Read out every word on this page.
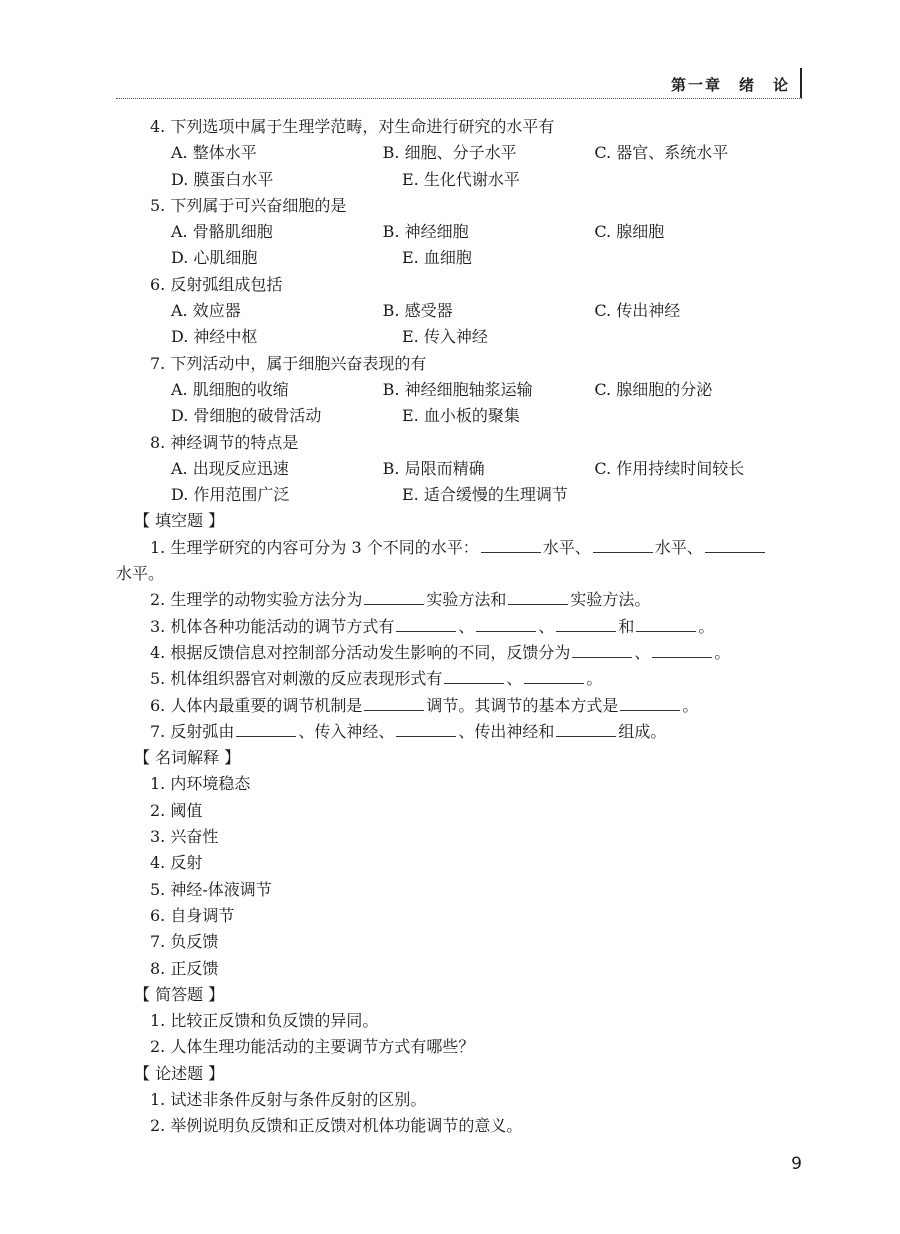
第一章　绪　论
4. 下列选项中属于生理学范畴，对生命进行研究的水平有
A. 整体水平	B. 细胞、分子水平	C. 器官、系统水平
D. 膜蛋白水平	E. 生化代谢水平
5. 下列属于可兴奋细胞的是
A. 骨骼肌细胞	B. 神经细胞	C. 腺细胞
D. 心肌细胞	E. 血细胞
6. 反射弧组成包括
A. 效应器	B. 感受器	C. 传出神经
D. 神经中枢	E. 传入神经
7. 下列活动中，属于细胞兴奋表现的有
A. 肌细胞的收缩	B. 神经细胞轴浆运输	C. 腺细胞的分泌
D. 骨细胞的破骨活动	E. 血小板的聚集
8. 神经调节的特点是
A. 出现反应迅速	B. 局限而精确	C. 作用持续时间较长
D. 作用范围广泛	E. 适合缓慢的生理调节
【 填空题 】
1. 生理学研究的内容可分为 3 个不同的水平：	水平、	水平、
水平。
2. 生理学的动物实验方法分为	实验方法和	实验方法。
3. 机体各种功能活动的调节方式有	、	、	和	。
4. 根据反馈信息对控制部分活动发生影响的不同，反馈分为	、	。
5. 机体组织器官对刺激的反应表现形式有	、	。
6. 人体内最重要的调节机制是	调节。其调节的基本方式是	。
7. 反射弧由	、传入神经、	、传出神经和	组成。
【 名词解释 】
1. 内环境稳态
2. 阈值
3. 兴奋性
4. 反射
5. 神经-体液调节
6. 自身调节
7. 负反馈
8. 正反馈
【 简答题 】
1. 比较正反馈和负反馈的异同。
2. 人体生理功能活动的主要调节方式有哪些？
【 论述题 】
1. 试述非条件反射与条件反射的区别。
2. 举例说明负反馈和正反馈对机体功能调节的意义。
9
